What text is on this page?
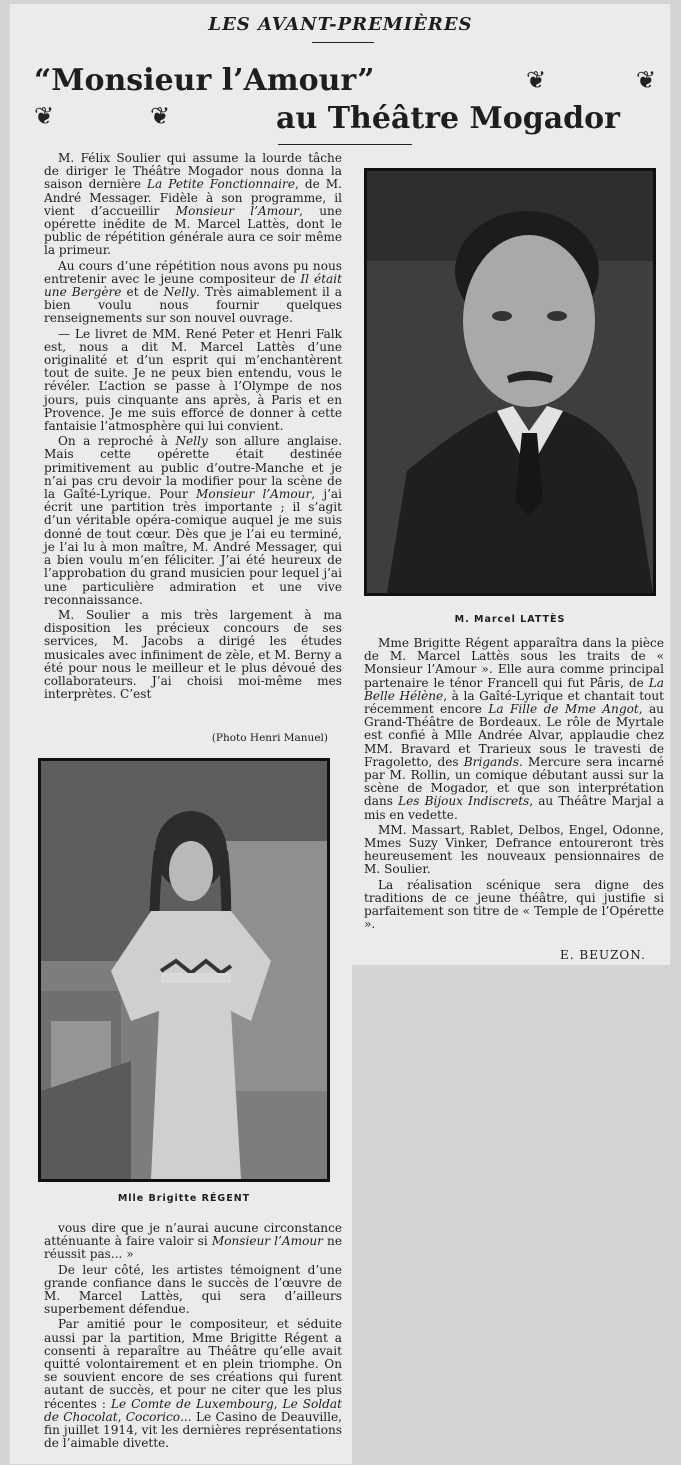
LES AVANT-PREMIÈRES
“Monsieur l’Amour”
au Théâtre Mogador
❦	❦
❦	❦

M. Félix Soulier qui assume la lourde tâche de diriger le Théâtre Mogador nous donna la saison dernière La Petite Fonctionnaire, de M. André Messager. Fidèle à son programme, il vient d’accueillir Monsieur l’Amour, une opérette inédite de M. Marcel Lattès, dont le public de répétition générale aura ce soir même la primeur.

Au cours d’une répétition nous avons pu nous entretenir avec le jeune compositeur de Il était une Bergère et de Nelly. Très aimablement il a bien voulu nous fournir quelques renseignements sur son nouvel ouvrage.

— Le livret de MM. René Peter et Henri Falk est, nous a dit M. Marcel Lattès d’une originalité et d’un esprit qui m’enchantèrent tout de suite. Je ne peux bien entendu, vous le révéler. L’action se passe à l’Olympe de nos jours, puis cinquante ans après, à Paris et en Provence. Je me suis efforcé de donner à cette fantaisie l’atmosphère qui lui convient.

On a reproché à Nelly son allure anglaise. Mais cette opérette était destinée primitivement au public d’outre-Manche et je n’ai pas cru devoir la modifier pour la scène de la Gaîté-Lyrique. Pour Monsieur l’Amour, j’ai écrit une partition très importante ; il s’agit d’un véritable opéra-comique auquel je me suis donné de tout cœur. Dès que je l’ai eu terminé, je l’ai lu à mon maître, M. André Messager, qui a bien voulu m’en féliciter. J’ai été heureux de l’approbation du grand musicien pour lequel j’ai une particulière admiration et une vive reconnaissance.

M. Soulier a mis très largement à ma disposition les précieux concours de ses services, M. Jacobs a dirigé les études musicales avec infiniment de zèle, et M. Berny a été pour nous le meilleur et le plus dévoué des collaborateurs. J’ai choisi moi-même mes interprètes. C’est

(Photo Henri Manuel)
Mlle Brigitte RÉGENT

vous dire que je n’aurai aucune circonstance atténuante à faire valoir si Monsieur l’Amour ne réussit pas... »

De leur côté, les artistes témoignent d’une grande confiance dans le succès de l’œuvre de M. Marcel Lattès, qui sera d’ailleurs superbement défendue.

Par amitié pour le compositeur, et séduite aussi par la partition, Mme Brigitte Régent a consenti à reparaître au Théâtre qu’elle avait quitté volontairement et en plein triomphe. On se souvient encore de ses créations qui furent autant de succès, et pour ne citer que les plus récentes : Le Comte de Luxembourg, Le Soldat de Chocolat, Cocorico... Le Casino de Deauville, fin juillet 1914, vit les dernières représentations de l’aimable divette.

M. Marcel LATTÈS

Mme Brigitte Régent apparaîtra dans la pièce de M. Marcel Lattès sous les traits de « Monsieur l’Amour ». Elle aura comme principal partenaire le ténor Francell qui fut Pâris, de La Belle Hélène, à la Gaîté-Lyrique et chantait tout récemment encore La Fille de Mme Angot, au Grand-Théâtre de Bordeaux. Le rôle de Myrtale est confié à Mlle Andrée Alvar, applaudie chez MM. Bravard et Trarieux sous le travesti de Fragoletto, des Brigands. Mercure sera incarné par M. Rollin, un comique débutant aussi sur la scène de Mogador, et que son interprétation dans Les Bijoux Indiscrets, au Théâtre Marjal a mis en vedette.

MM. Massart, Rablet, Delbos, Engel, Odonne, Mmes Suzy Vinker, Defrance entoureront très heureusement les nouveaux pensionnaires de M. Soulier.

La réalisation scénique sera digne des traditions de ce jeune théâtre, qui justifie si parfaitement son titre de « Temple de l’Opérette ».

E. BEUZON.
